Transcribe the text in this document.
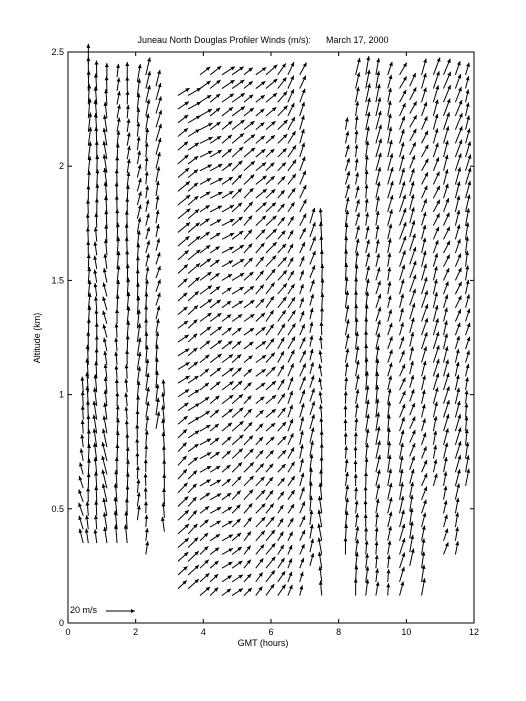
0	2	4	6	8	10	12
0
0.5
1
1.5
2
2.5
Juneau North Douglas Profiler Winds (m/s):      March 17, 2000
GMT (hours)
Altitude (km)
20 m/s
